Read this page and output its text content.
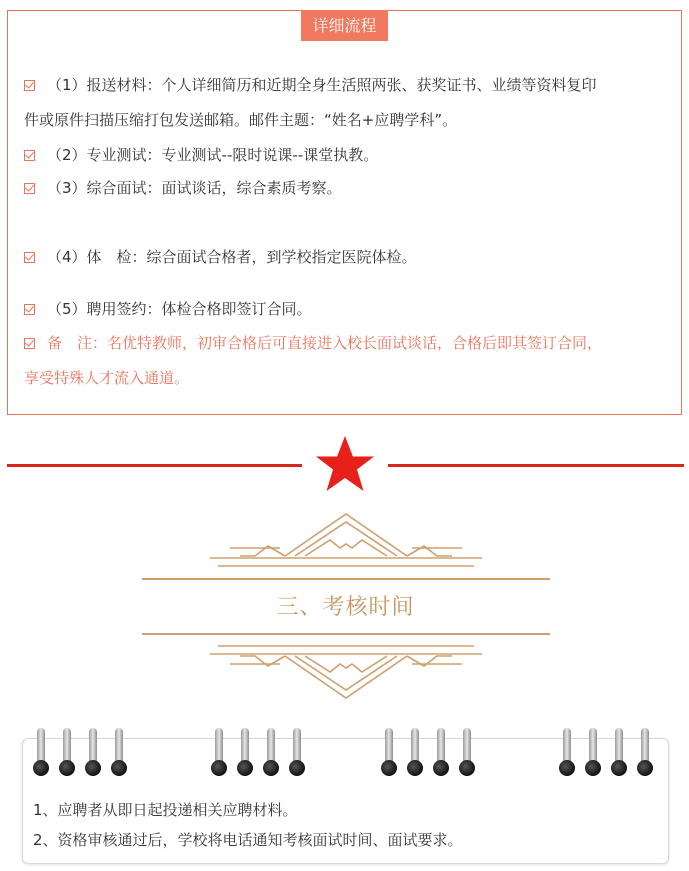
详细流程
（1）报送材料：个人详细简历和近期全身生活照两张、获奖证书、业绩等资料复印
件或原件扫描压缩打包发送邮箱。邮件主题：“姓名+应聘学科”。
（2）专业测试：专业测试--限时说课--课堂执教。
（3）综合面试：面试谈话，综合素质考察。
（4）体　检：综合面试合格者，到学校指定医院体检。
（5）聘用签约：体检合格即签订合同。
备　注：名优特教师，初审合格后可直接进入校长面试谈话，合格后即其签订合同，
享受特殊人才流入通道。
三、考核时间
1、应聘者从即日起投递相关应聘材料。
2、资格审核通过后，学校将电话通知考核面试时间、面试要求。
